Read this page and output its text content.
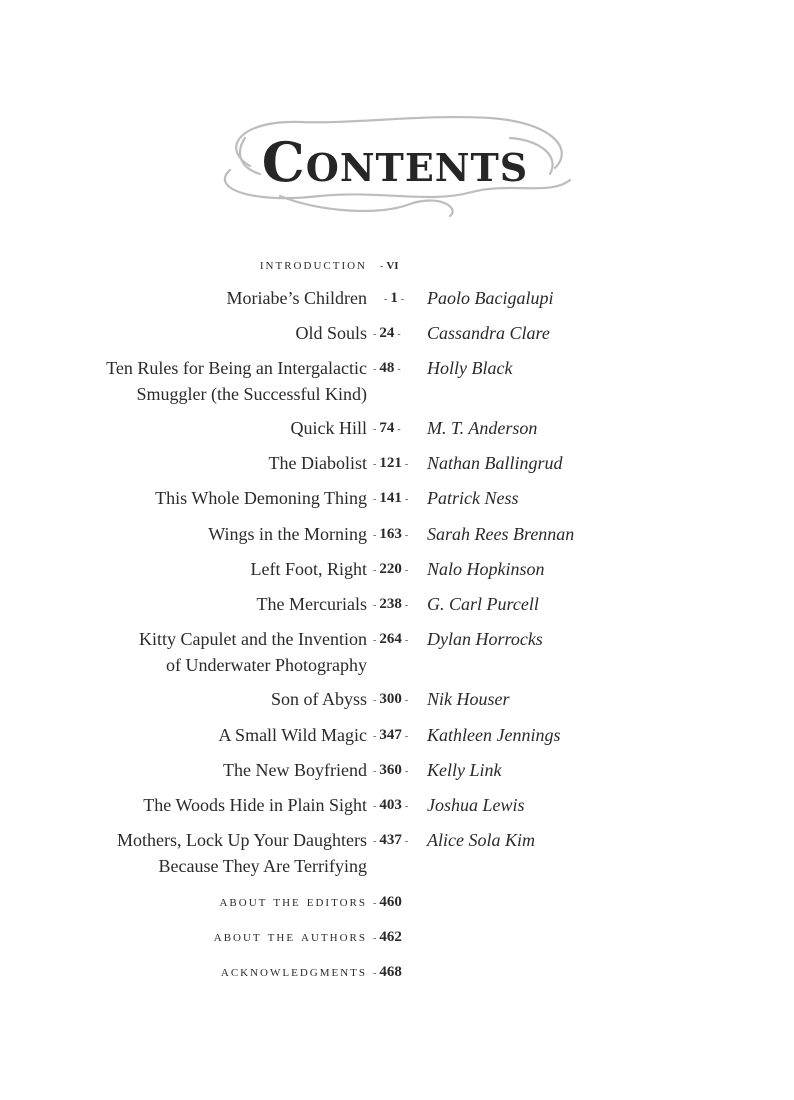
Contents
introduction - vi
Moriabe’s Children - 1 -	Paolo Bacigalupi
Old Souls - 24 -	Cassandra Clare
Ten Rules for Being an Intergalactic - 48 -	Holly Black
Smuggler (the Successful Kind)
Quick Hill - 74 -	M. T. Anderson
The Diabolist - 121 -	Nathan Ballingrud
This Whole Demoning Thing - 141 -	Patrick Ness
Wings in the Morning - 163 -	Sarah Rees Brennan
Left Foot, Right - 220 -	Nalo Hopkinson
The Mercurials - 238 -	G. Carl Purcell
Kitty Capulet and the Invention - 264 -	Dylan Horrocks
of Underwater Photography
Son of Abyss - 300 -	Nik Houser
A Small Wild Magic - 347 -	Kathleen Jennings
The New Boyfriend - 360 -	Kelly Link
The Woods Hide in Plain Sight - 403 -	Joshua Lewis
Mothers, Lock Up Your Daughters - 437 -	Alice Sola Kim
Because They Are Terrifying
about the editors - 460
about the authors - 462
acknowledgments - 468
